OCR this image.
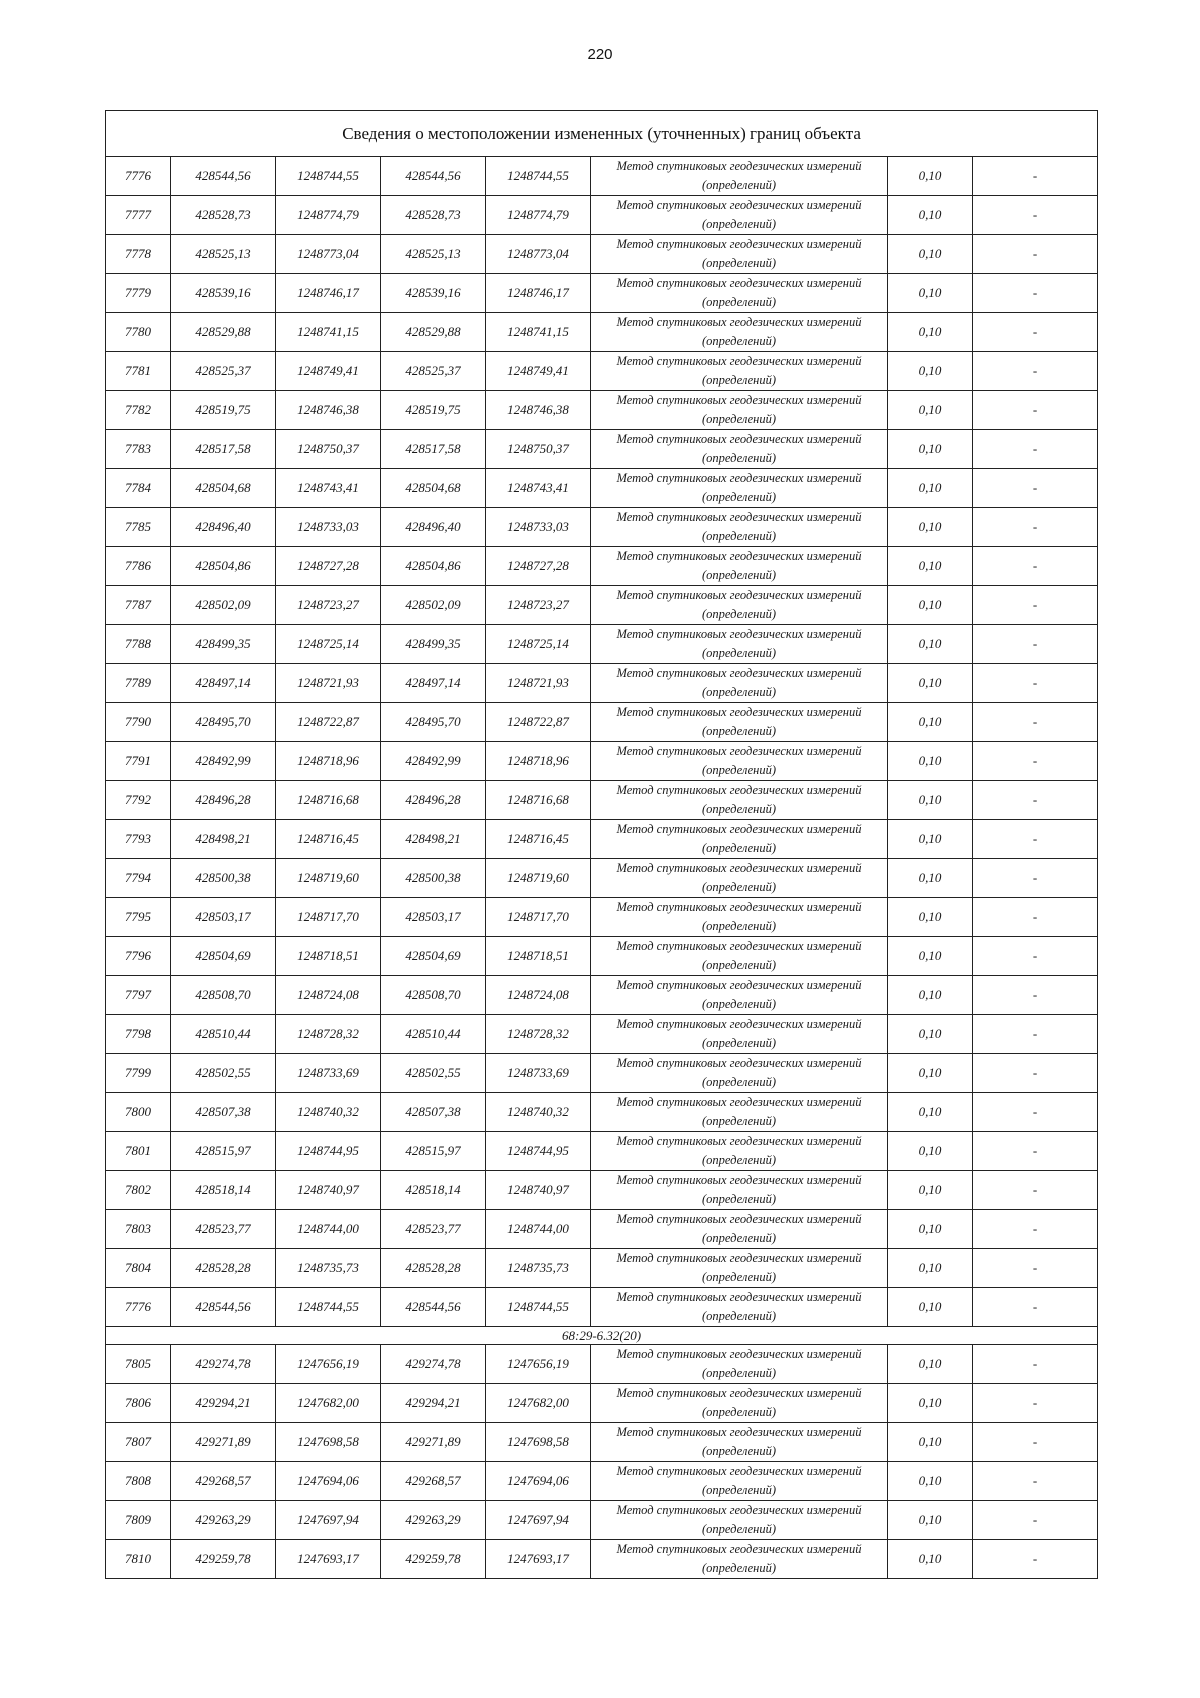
220
Сведения о местоположении измененных (уточненных) границ объекта							
7776	428544,56	1248744,55	428544,56	1248744,55	Метод спутниковых геодезических измерений (определений)	0,10	-
7777	428528,73	1248774,79	428528,73	1248774,79	Метод спутниковых геодезических измерений (определений)	0,10	-
7778	428525,13	1248773,04	428525,13	1248773,04	Метод спутниковых геодезических измерений (определений)	0,10	-
7779	428539,16	1248746,17	428539,16	1248746,17	Метод спутниковых геодезических измерений (определений)	0,10	-
7780	428529,88	1248741,15	428529,88	1248741,15	Метод спутниковых геодезических измерений (определений)	0,10	-
7781	428525,37	1248749,41	428525,37	1248749,41	Метод спутниковых геодезических измерений (определений)	0,10	-
7782	428519,75	1248746,38	428519,75	1248746,38	Метод спутниковых геодезических измерений (определений)	0,10	-
7783	428517,58	1248750,37	428517,58	1248750,37	Метод спутниковых геодезических измерений (определений)	0,10	-
7784	428504,68	1248743,41	428504,68	1248743,41	Метод спутниковых геодезических измерений (определений)	0,10	-
7785	428496,40	1248733,03	428496,40	1248733,03	Метод спутниковых геодезических измерений (определений)	0,10	-
7786	428504,86	1248727,28	428504,86	1248727,28	Метод спутниковых геодезических измерений (определений)	0,10	-
7787	428502,09	1248723,27	428502,09	1248723,27	Метод спутниковых геодезических измерений (определений)	0,10	-
7788	428499,35	1248725,14	428499,35	1248725,14	Метод спутниковых геодезических измерений (определений)	0,10	-
7789	428497,14	1248721,93	428497,14	1248721,93	Метод спутниковых геодезических измерений (определений)	0,10	-
7790	428495,70	1248722,87	428495,70	1248722,87	Метод спутниковых геодезических измерений (определений)	0,10	-
7791	428492,99	1248718,96	428492,99	1248718,96	Метод спутниковых геодезических измерений (определений)	0,10	-
7792	428496,28	1248716,68	428496,28	1248716,68	Метод спутниковых геодезических измерений (определений)	0,10	-
7793	428498,21	1248716,45	428498,21	1248716,45	Метод спутниковых геодезических измерений (определений)	0,10	-
7794	428500,38	1248719,60	428500,38	1248719,60	Метод спутниковых геодезических измерений (определений)	0,10	-
7795	428503,17	1248717,70	428503,17	1248717,70	Метод спутниковых геодезических измерений (определений)	0,10	-
7796	428504,69	1248718,51	428504,69	1248718,51	Метод спутниковых геодезических измерений (определений)	0,10	-
7797	428508,70	1248724,08	428508,70	1248724,08	Метод спутниковых геодезических измерений (определений)	0,10	-
7798	428510,44	1248728,32	428510,44	1248728,32	Метод спутниковых геодезических измерений (определений)	0,10	-
7799	428502,55	1248733,69	428502,55	1248733,69	Метод спутниковых геодезических измерений (определений)	0,10	-
7800	428507,38	1248740,32	428507,38	1248740,32	Метод спутниковых геодезических измерений (определений)	0,10	-
7801	428515,97	1248744,95	428515,97	1248744,95	Метод спутниковых геодезических измерений (определений)	0,10	-
7802	428518,14	1248740,97	428518,14	1248740,97	Метод спутниковых геодезических измерений (определений)	0,10	-
7803	428523,77	1248744,00	428523,77	1248744,00	Метод спутниковых геодезических измерений (определений)	0,10	-
7804	428528,28	1248735,73	428528,28	1248735,73	Метод спутниковых геодезических измерений (определений)	0,10	-
7776	428544,56	1248744,55	428544,56	1248744,55	Метод спутниковых геодезических измерений (определений)	0,10	-
68:29-6.32(20)							
7805	429274,78	1247656,19	429274,78	1247656,19	Метод спутниковых геодезических измерений (определений)	0,10	-
7806	429294,21	1247682,00	429294,21	1247682,00	Метод спутниковых геодезических измерений (определений)	0,10	-
7807	429271,89	1247698,58	429271,89	1247698,58	Метод спутниковых геодезических измерений (определений)	0,10	-
7808	429268,57	1247694,06	429268,57	1247694,06	Метод спутниковых геодезических измерений (определений)	0,10	-
7809	429263,29	1247697,94	429263,29	1247697,94	Метод спутниковых геодезических измерений (определений)	0,10	-
7810	429259,78	1247693,17	429259,78	1247693,17	Метод спутниковых геодезических измерений (определений)	0,10	-
